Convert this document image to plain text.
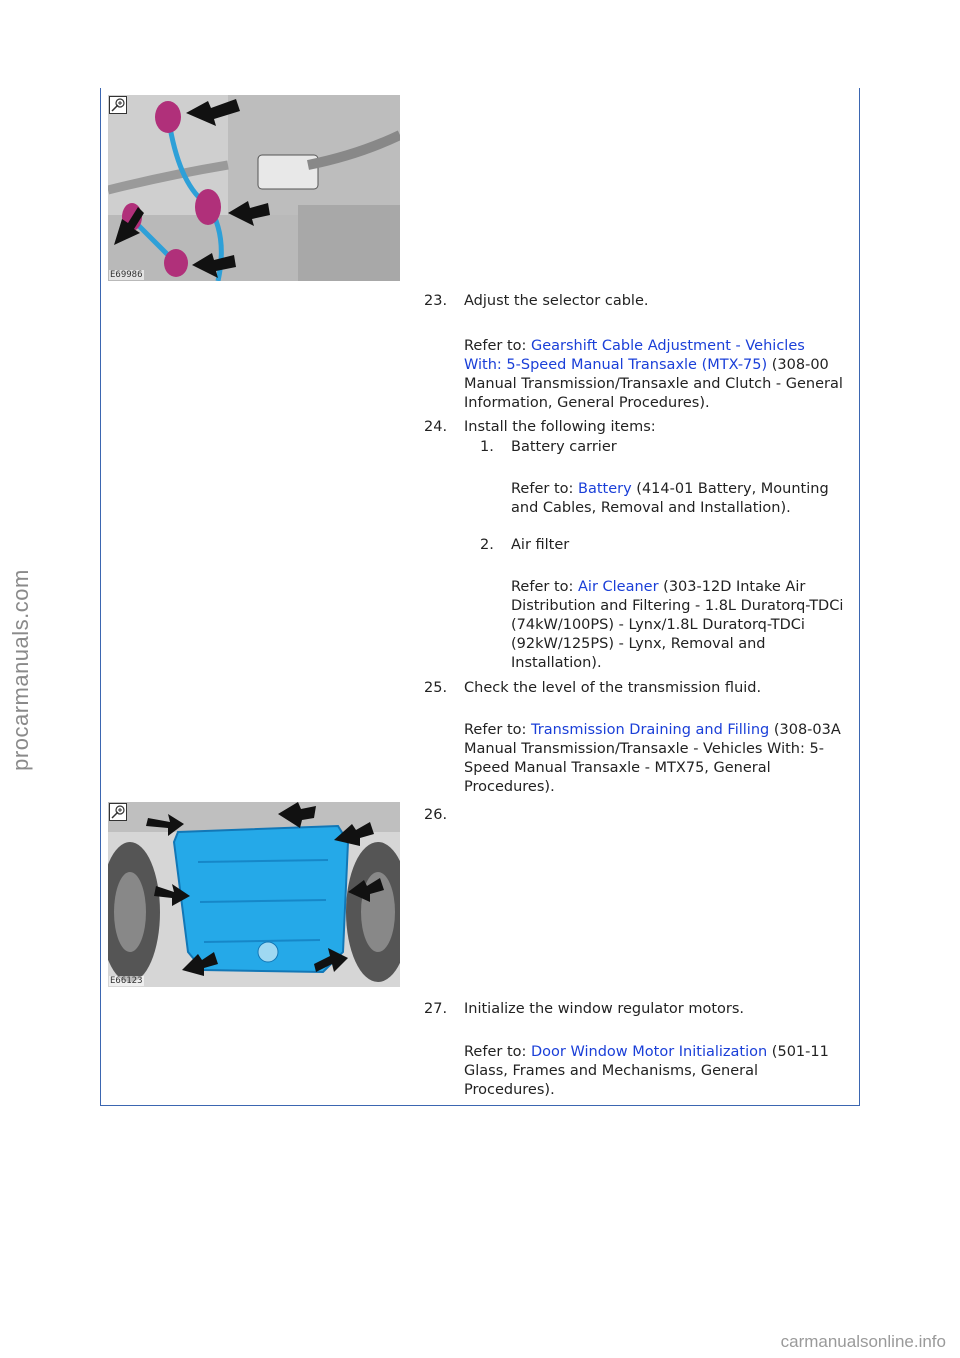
procarmanuals.com
E69986
23. Adjust the selector cable.
Refer to: Gearshift Cable Adjustment - Vehicles With: 5-Speed Manual Transaxle (MTX-75) (308-00 Manual Transmission/Transaxle and Clutch - General Information, General Procedures).
24. Install the following items:
1. Battery carrier
Refer to: Battery (414-01 Battery, Mounting and Cables, Removal and Installation).
2. Air filter
Refer to: Air Cleaner (303-12D Intake Air Distribution and Filtering - 1.8L Duratorq-TDCi (74kW/100PS) - Lynx/1.8L Duratorq-TDCi (92kW/125PS) - Lynx, Removal and Installation).
25. Check the level of the transmission fluid.
Refer to: Transmission Draining and Filling (308-03A Manual Transmission/Transaxle - Vehicles With: 5-Speed Manual Transaxle - MTX75, General Procedures).
E66123
26.
27. Initialize the window regulator motors.
Refer to: Door Window Motor Initialization (501-11 Glass, Frames and Mechanisms, General Procedures).
carmanualsonline.info
